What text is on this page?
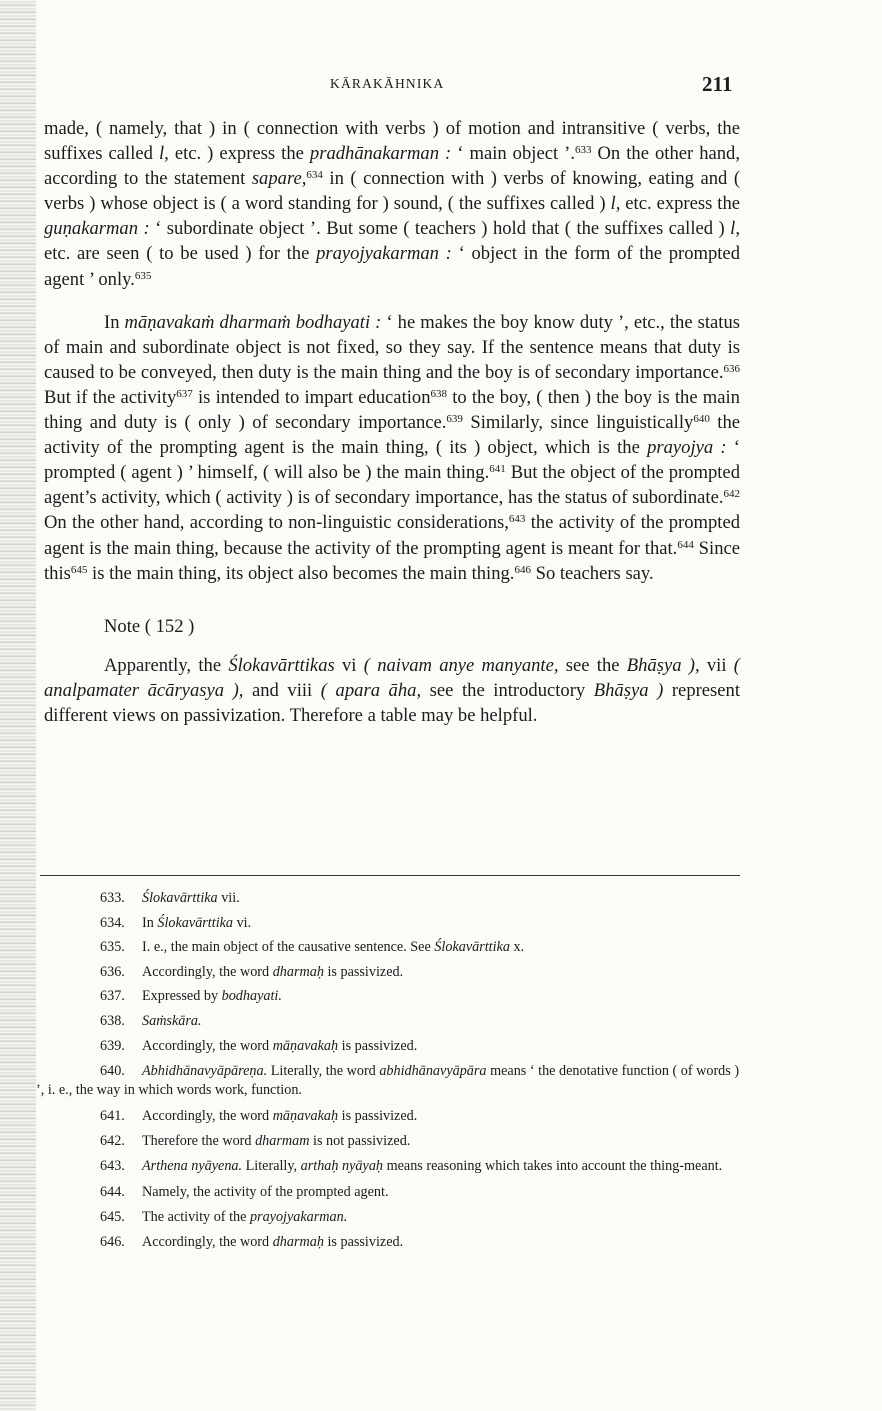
KĀRAKĀHNIKA	211

made, ( namely, that ) in ( connection with verbs ) of motion and intransitive ( verbs, the suffixes called l, etc. ) express the pradhānakarman : ‘ main object ’.$^{633}$ On the other hand, according to the statement sapare,$^{634}$ in ( connection with ) verbs of knowing, eating and ( verbs ) whose object is ( a word standing for ) sound, ( the suffixes called ) l, etc. express the guṇakarman : ‘ subordinate object ’. But some ( teachers ) hold that ( the suffixes called ) l, etc. are seen ( to be used ) for the prayojyakarman : ‘ object in the form of the prompted agent ’ only.$^{635}$

In māṇavakaṁ dharmaṁ bodhayati : ‘ he makes the boy know duty ’, etc., the status of main and subordinate object is not fixed, so they say. If the sentence means that duty is caused to be conveyed, then duty is the main thing and the boy is of secondary importance.$^{636}$ But if the activity$^{637}$ is intended to impart education$^{638}$ to the boy, ( then ) the boy is the main thing and duty is ( only ) of secondary importance.$^{639}$ Similarly, since linguistically$^{640}$ the activity of the prompting agent is the main thing, ( its ) object, which is the prayojya : ‘ prompted ( agent ) ’ himself, ( will also be ) the main thing.$^{641}$ But the object of the prompted agent’s activity, which ( activity ) is of secondary importance, has the status of subordinate.$^{642}$ On the other hand, according to non-linguistic considerations,$^{643}$ the activity of the prompted agent is the main thing, because the activity of the prompting agent is meant for that.$^{644}$ Since this$^{645}$ is the main thing, its object also becomes the main thing.$^{646}$ So teachers say.

Note ( 152 )

Apparently, the Ślokavārttikas vi ( naivam anye manyante, see the Bhāṣya ), vii ( analpamater ācāryasya ), and viii ( apara āha, see the introductory Bhāṣya ) represent different views on passivization. Therefore a table may be helpful.

633. Ślokavārttika vii.
634. In Ślokavārttika vi.
635. I. e., the main object of the causative sentence. See Ślokavārttika x.
636. Accordingly, the word dharmaḥ is passivized.
637. Expressed by bodhayati.
638. Saṁskāra.
639. Accordingly, the word māṇavakaḥ is passivized.
640. Abhidhānavyāpāreṇa. Literally, the word abhidhānavyāpāra means ‘ the denotative function ( of words ) ’, i. e., the way in which words work, function.
641. Accordingly, the word māṇavakaḥ is passivized.
642. Therefore the word dharmam is not passivized.
643. Arthena nyāyena. Literally, arthaḥ nyāyaḥ means reasoning which takes into account the thing-meant.
644. Namely, the activity of the prompted agent.
645. The activity of the prayojyakarman.
646. Accordingly, the word dharmaḥ is passivized.
